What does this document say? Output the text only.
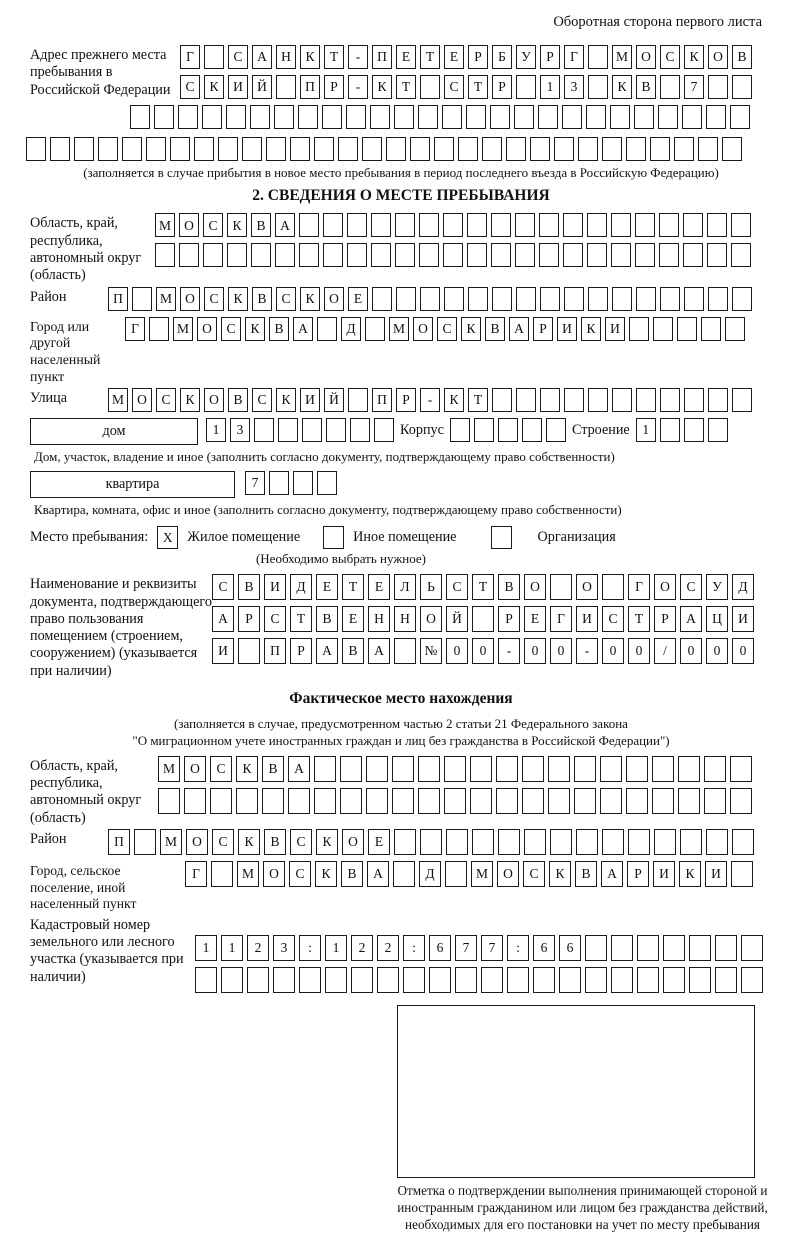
Оборотная сторона первого листа
Адрес прежнего места пребывания в Российской Федерации
Г	С	А	Н	К	Т	-	П	Е	Т	Е	Р	Б	У	Р	Г	М О	С	К	О	В
С	К	И	Й	П	Р	-	К	Т	С	Т	Р	1	3	К	В	7
(заполняется в случае прибытия в новое место пребывания в период последнего въезда в Российскую Федерацию)
2. СВЕДЕНИЯ О МЕСТЕ ПРЕБЫВАНИЯ
Область, край, республика, автономный округ (область)
М О	С	К	В	А
Район	П	М О	С	К	В	С	К	О	Е
Город или другой населенный пункт
Г	М О	С	К	В	А	Д	М О	С	К	В	А	Р	И	К	И
Улица	М О	С	К	О	В	С	К	И	Й	П	Р	-	К	Т
дом	1	3	Корпус	Строение 1
Дом, участок, владение и иное (заполнить согласно документу, подтверждающему право собственности)
квартира	7
Квартира, комната, офис и иное (заполнить согласно документу, подтверждающему право собственности)
Место пребывания:	X	Жилое помещение	Иное помещение	Организация
(Необходимо выбрать нужное)
Наименование и реквизиты документа, подтверждающего право пользования помещением (строением, сооружением) (указывается при наличии)
С	В	И	Д	Е	Т	Е	Л	Ь	С	Т	В	О	О	Г	О	С	У	Д
А	Р	С	Т	В	Е	Н	Н	О	Й	Р	Е	Г	И	С	Т	Р	А	Ц	И
И	П	Р	А	В	А	№	0	0	-	0	0	-	0	0	/	0	0	0
Фактическое место нахождения
(заполняется в случае, предусмотренном частью 2 статьи 21 Федерального закона
"О миграционном учете иностранных граждан и лиц без гражданства в Российской Федерации")
Область, край, республика, автономный округ (область)
М	О	С	К	В	А
Район	П	М	О	С	К	В	С	К	О	Е
Город, сельское поселение, иной населенный пункт
Г	М	О	С	К	В	А	Д	М	О	С	К	В	А	Р	И	К	И
Кадастровый номер земельного или лесного участка (указывается при наличии)
1	1	2	3	:	1	2	2	:	6	7	7	:	6	6
Отметка о подтверждении выполнения принимающей стороной и иностранным гражданином или лицом без гражданства действий, необходимых для его постановки на учет по месту пребывания
